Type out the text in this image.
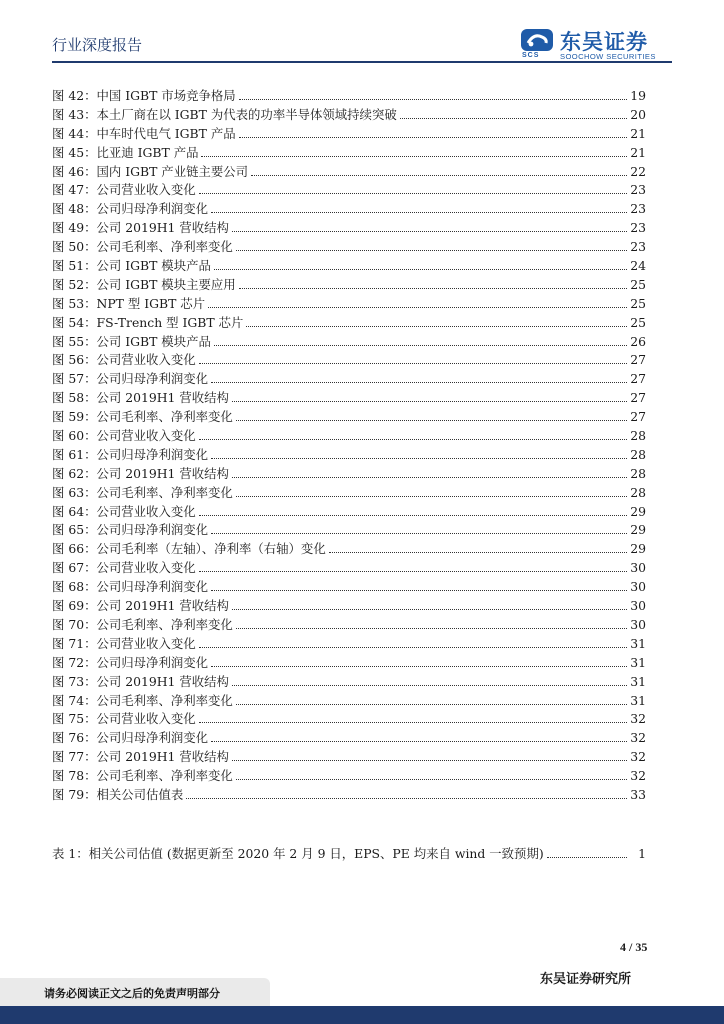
行业深度报告
SCS
东吴证券
SOOCHOW SECURITIES
图 42：中国 IGBT 市场竞争格局	19
图 43：本土厂商在以 IGBT 为代表的功率半导体领域持续突破	20
图 44：中车时代电气 IGBT 产品	21
图 45：比亚迪 IGBT 产品	21
图 46：国内 IGBT 产业链主要公司	22
图 47：公司营业收入变化	23
图 48：公司归母净利润变化	23
图 49：公司 2019H1 营收结构	23
图 50：公司毛利率、净利率变化	23
图 51：公司 IGBT 模块产品	24
图 52：公司 IGBT 模块主要应用	25
图 53：NPT 型 IGBT 芯片	25
图 54：FS-Trench 型 IGBT 芯片	25
图 55：公司 IGBT 模块产品	26
图 56：公司营业收入变化	27
图 57：公司归母净利润变化	27
图 58：公司 2019H1 营收结构	27
图 59：公司毛利率、净利率变化	27
图 60：公司营业收入变化	28
图 61：公司归母净利润变化	28
图 62：公司 2019H1 营收结构	28
图 63：公司毛利率、净利率变化	28
图 64：公司营业收入变化	29
图 65：公司归母净利润变化	29
图 66：公司毛利率（左轴）、净利率（右轴）变化	29
图 67：公司营业收入变化	30
图 68：公司归母净利润变化	30
图 69：公司 2019H1 营收结构	30
图 70：公司毛利率、净利率变化	30
图 71：公司营业收入变化	31
图 72：公司归母净利润变化	31
图 73：公司 2019H1 营收结构	31
图 74：公司毛利率、净利率变化	31
图 75：公司营业收入变化	32
图 76：公司归母净利润变化	32
图 77：公司 2019H1 营收结构	32
图 78：公司毛利率、净利率变化	32
图 79：相关公司估值表	33
表 1：相关公司估值 (数据更新至 2020 年 2 月 9 日，EPS、PE 均来自 wind 一致预期)	1
4 / 35
东吴证券研究所
请务必阅读正文之后的免责声明部分
